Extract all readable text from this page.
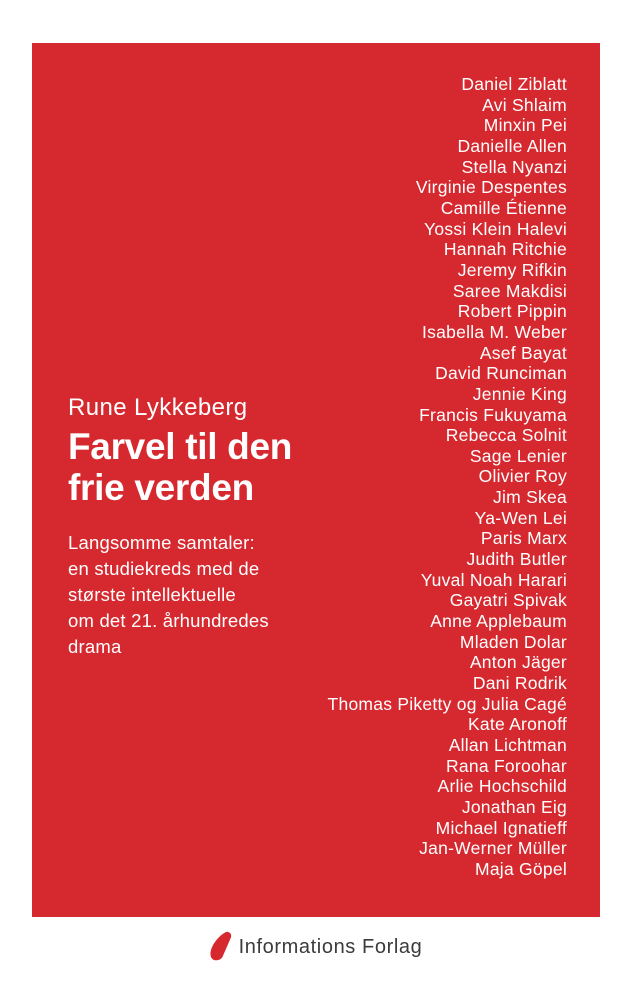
Daniel Ziblatt
Avi Shlaim
Minxin Pei
Danielle Allen
Stella Nyanzi
Virginie Despentes
Camille Étienne
Yossi Klein Halevi
Hannah Ritchie
Jeremy Rifkin
Saree Makdisi
Robert Pippin
Isabella M. Weber
Asef Bayat
David Runciman
Jennie King
Francis Fukuyama
Rebecca Solnit
Sage Lenier
Olivier Roy
Jim Skea
Ya-Wen Lei
Paris Marx
Judith Butler
Yuval Noah Harari
Gayatri Spivak
Anne Applebaum
Mladen Dolar
Anton Jäger
Dani Rodrik
Thomas Piketty og Julia Cagé
Kate Aronoff
Allan Lichtman
Rana Foroohar
Arlie Hochschild
Jonathan Eig
Michael Ignatieff
Jan-Werner Müller
Maja Göpel
Rune Lykkeberg
Farvel til den
frie verden
Langsomme samtaler:
en studiekreds med de
største intellektuelle
om det 21. århundredes
drama
Informations Forlag
